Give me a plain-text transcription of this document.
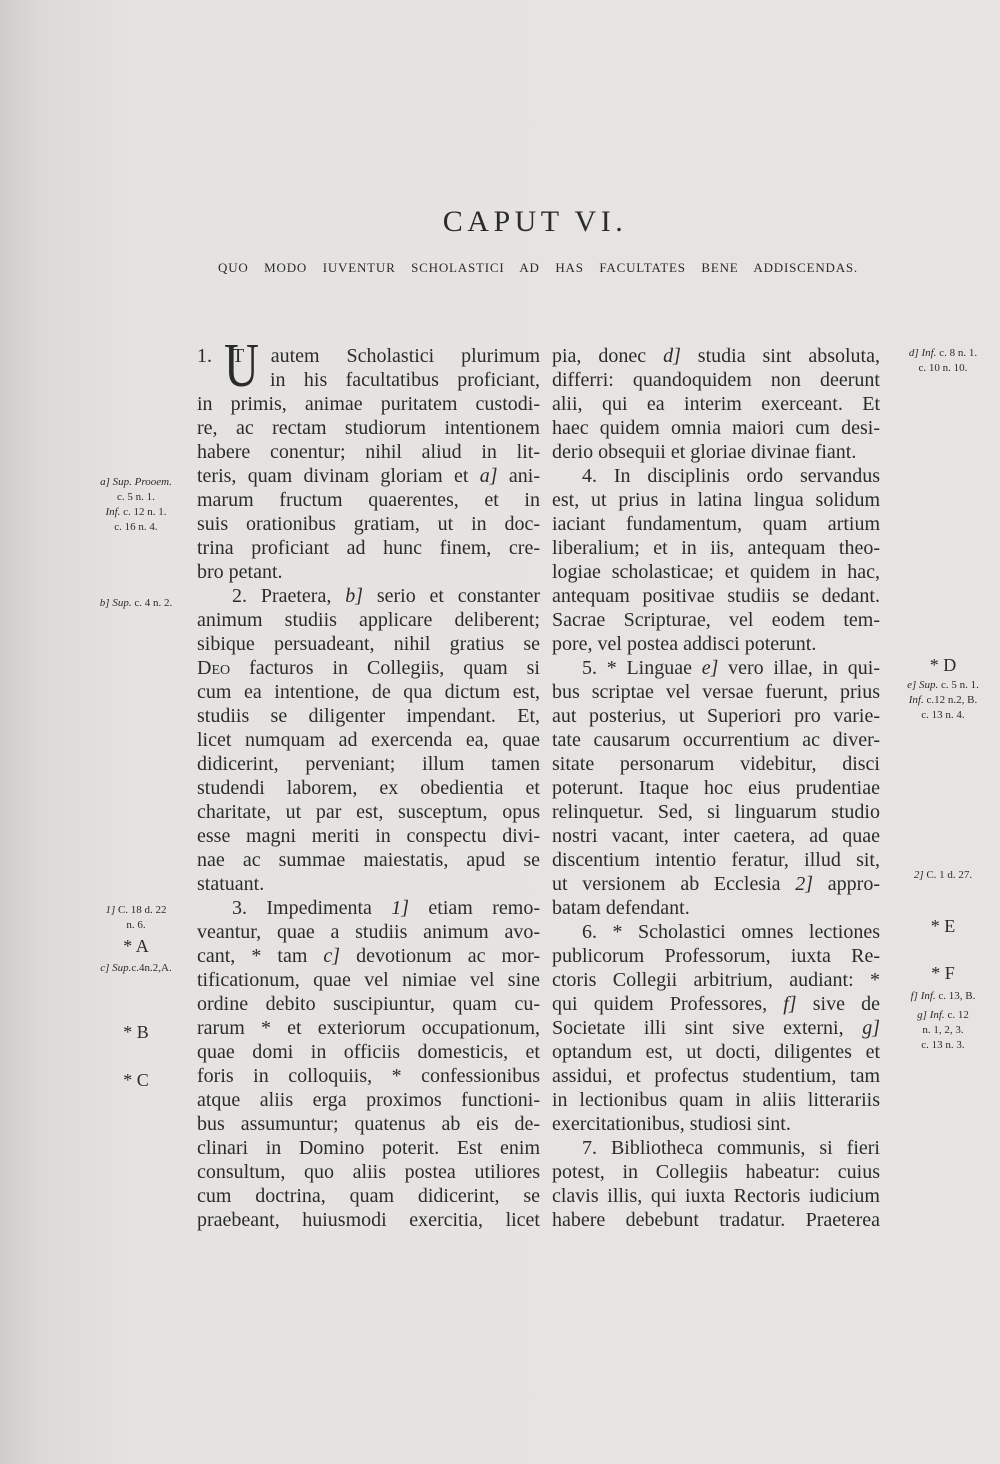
CAPUT VI.
QUO MODO IUVENTUR SCHOLASTICI AD HAS FACULTATES BENE ADDISCENDAS.
1. U
T autem Scholastici plurimum
in his facultatibus proficiant,
in primis, animae puritatem custodi-
re, ac rectam studiorum intentionem
habere conentur; nihil aliud in lit-
teris, quam divinam gloriam et a] ani-
marum fructum quaerentes, et in
suis orationibus gratiam, ut in doc-
trina proficiant ad hunc finem, cre-
bro petant.
2. Praetera, b] serio et constanter
animum studiis applicare deliberent;
sibique persuadeant, nihil gratius se
Deo facturos in Collegiis, quam si
cum ea intentione, de qua dictum est,
studiis se diligenter impendant. Et,
licet numquam ad exercenda ea, quae
didicerint, perveniant; illum tamen
studendi laborem, ex obedientia et
charitate, ut par est, susceptum, opus
esse magni meriti in conspectu divi-
nae ac summae maiestatis, apud se
statuant.
3. Impedimenta 1] etiam remo-
veantur, quae a studiis animum avo-
cant, * tam c] devotionum ac mor-
tificationum, quae vel nimiae vel sine
ordine debito suscipiuntur, quam cu-
rarum * et exteriorum occupationum,
quae domi in officiis domesticis, et
foris in colloquiis, * confessionibus
atque aliis erga proximos functioni-
bus assumuntur; quatenus ab eis de-
clinari in Domino poterit. Est enim
consultum, quo aliis postea utiliores
cum doctrina, quam didicerint, se
praebeant, huiusmodi exercitia, licet
pia, donec d] studia sint absoluta,
differri: quandoquidem non deerunt
alii, qui ea interim exerceant. Et
haec quidem omnia maiori cum desi-
derio obsequii et gloriae divinae fiant.
4. In disciplinis ordo servandus
est, ut prius in latina lingua solidum
iaciant fundamentum, quam artium
liberalium; et in iis, antequam theo-
logiae scholasticae; et quidem in hac,
antequam positivae studiis se dedant.
Sacrae Scripturae, vel eodem tem-
pore, vel postea addisci poterunt.
5. * Linguae e] vero illae, in qui-
bus scriptae vel versae fuerunt, prius
aut posterius, ut Superiori pro varie-
tate causarum occurrentium ac diver-
sitate personarum videbitur, disci
poterunt. Itaque hoc eius prudentiae
relinquetur. Sed, si linguarum studio
nostri vacant, inter caetera, ad quae
discentium intentio feratur, illud sit,
ut versionem ab Ecclesia 2] appro-
batam defendant.
6. * Scholastici omnes lectiones
publicorum Professorum, iuxta Re-
ctoris Collegii arbitrium, audiant: *
qui quidem Professores, f] sive de
Societate illi sint sive externi, g]
optandum est, ut docti, diligentes et
assidui, et profectus studentium, tam
in lectionibus quam in aliis litterariis
exercitationibus, studiosi sint.
7. Bibliotheca communis, si fieri
potest, in Collegiis habeatur: cuius
clavis illis, qui iuxta Rectoris iudicium
habere debebunt tradatur. Praeterea
a] Sup. Prooem.
c. 5 n. 1.
Inf. c. 12 n. 1.
c. 16 n. 4.
b] Sup. c. 4 n. 2.
1] C. 18 d. 22
n. 6.
* A
c] Sup.c.4n.2,A.
* B
* C
d] Inf. c. 8 n. 1.
c. 10 n. 10.
* D
e] Sup. c. 5 n. 1.
Inf. c.12 n.2, B.
c. 13 n. 4.
2] C. 1 d. 27.
* E
* F
f] Inf. c. 13, B.
g] Inf. c. 12
n. 1, 2, 3.
c. 13 n. 3.
